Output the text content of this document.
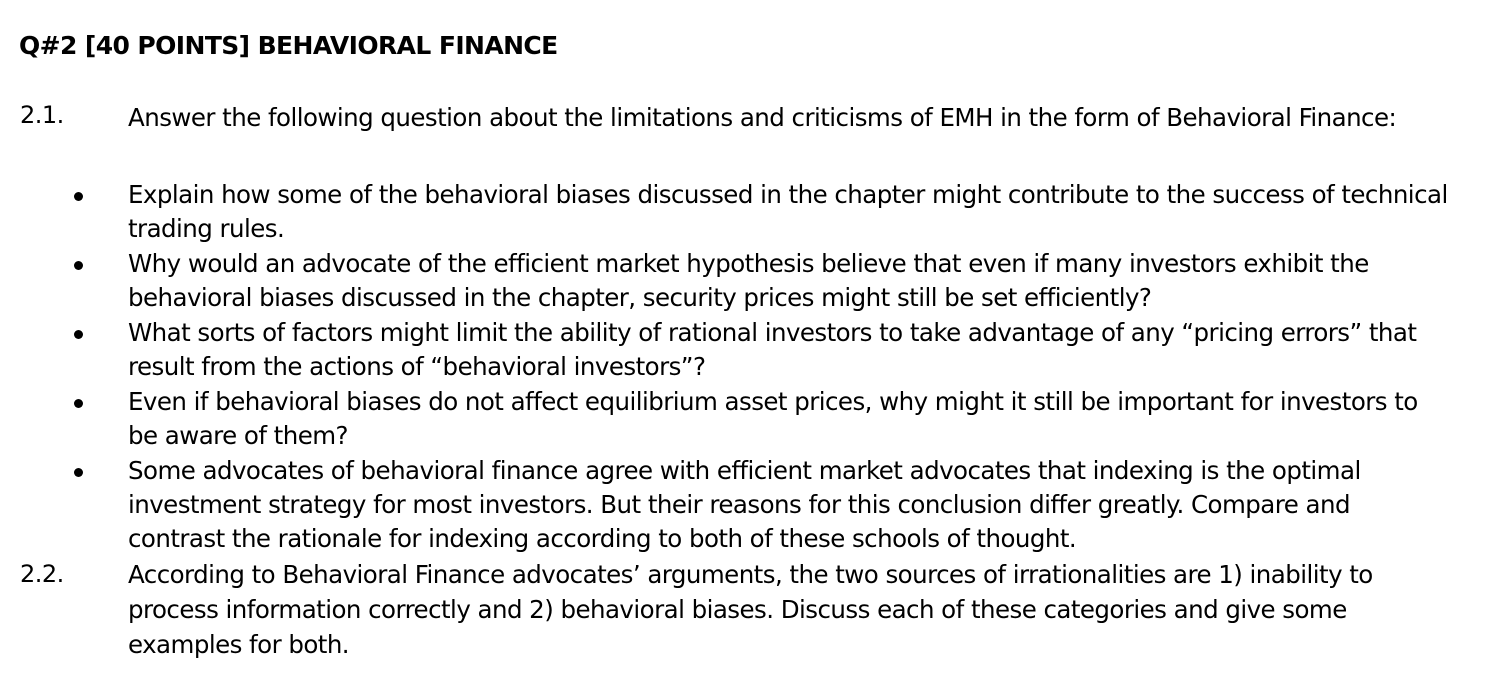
Q#2 [40 POINTS] BEHAVIORAL FINANCE
2.1.	Answer the following question about the limitations and criticisms of EMH in the form of Behavioral Finance:
Explain how some of the behavioral biases discussed in the chapter might contribute to the success of technical trading rules.
Why would an advocate of the efficient market hypothesis believe that even if many investors exhibit the behavioral biases discussed in the chapter, security prices might still be set efficiently?
What sorts of factors might limit the ability of rational investors to take advantage of any “pricing errors” that result from the actions of “behavioral investors”?
Even if behavioral biases do not affect equilibrium asset prices, why might it still be important for investors to be aware of them?
Some advocates of behavioral finance agree with efficient market advocates that indexing is the optimal investment strategy for most investors. But their reasons for this conclusion differ greatly. Compare and contrast the rationale for indexing according to both of these schools of thought.
2.2.	According to Behavioral Finance advocates’ arguments, the two sources of irrationalities are 1) inability to process information correctly and 2) behavioral biases. Discuss each of these categories and give some examples for both.
